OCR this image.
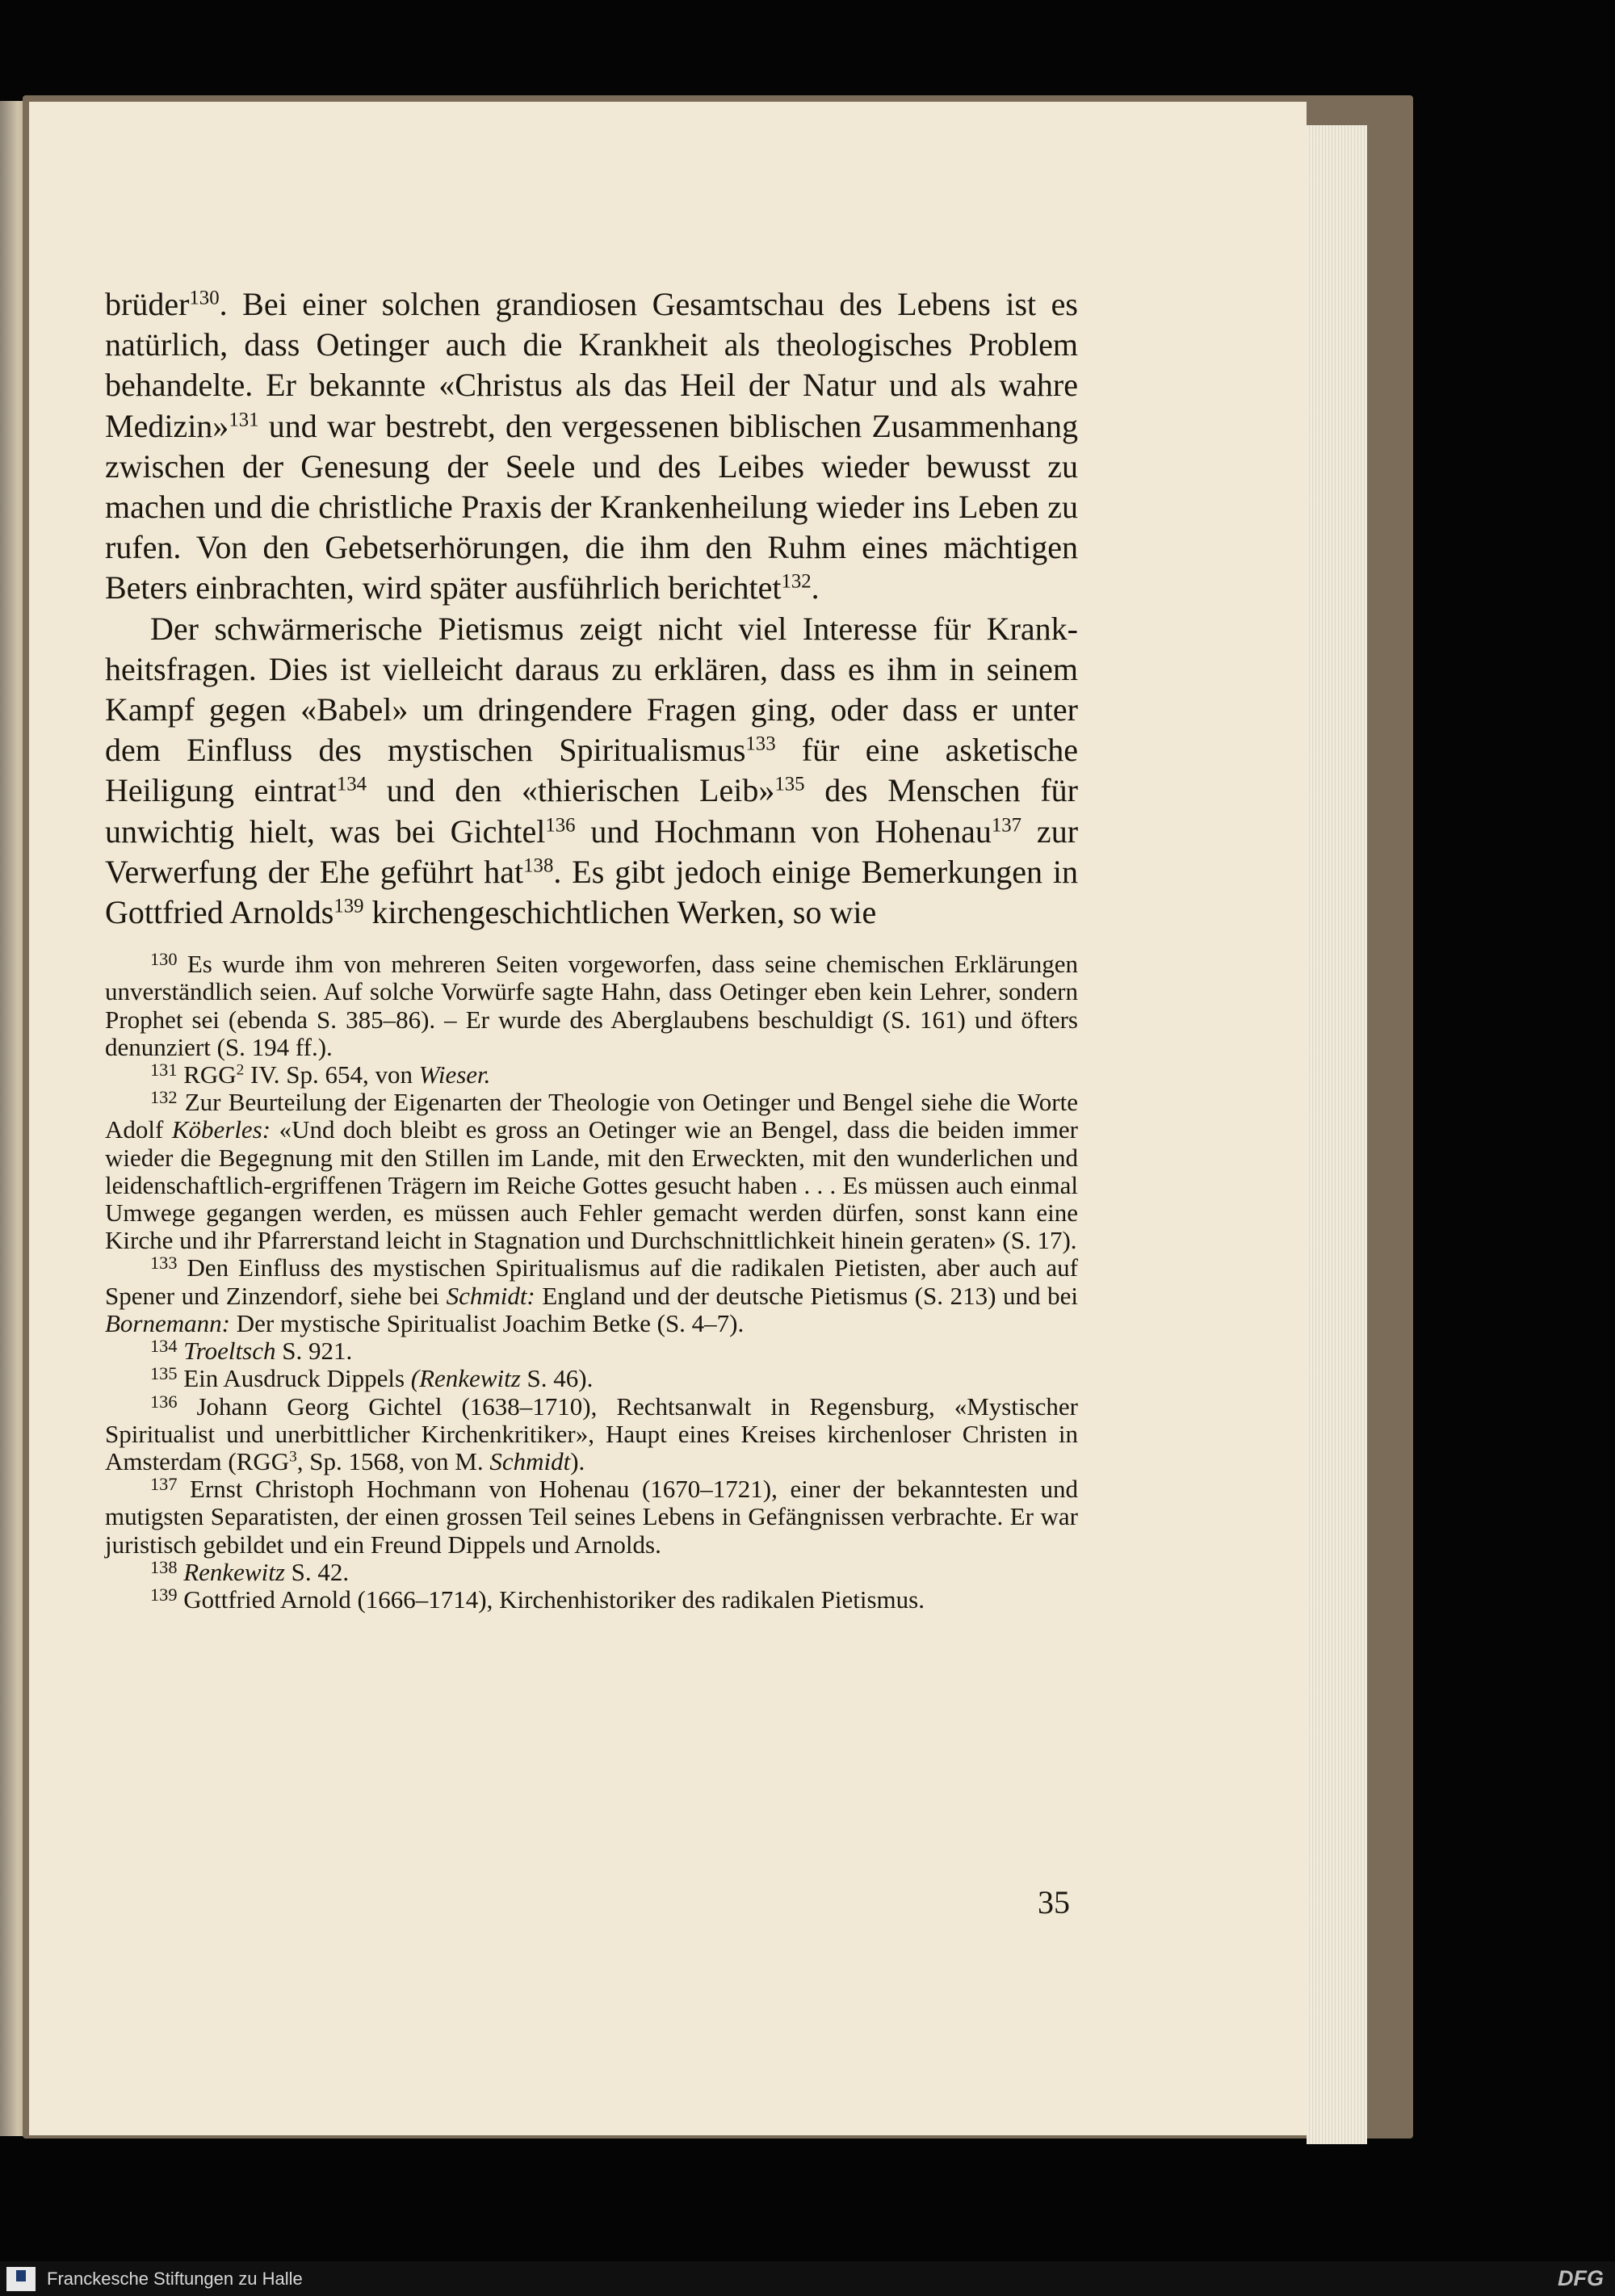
brüder$^{130}$. Bei einer solchen grandiosen Gesamtschau des Lebens ist es natürlich, dass Oetinger auch die Krankheit als theologisches Problem behandelte. Er bekannte «Christus als das Heil der Natur und als wahre Medizin»$^{131}$ und war bestrebt, den vergessenen biblischen Zusammenhang zwischen der Genesung der Seele und des Leibes wieder bewusst zu machen und die christliche Praxis der Krankenheilung wieder ins Leben zu rufen. Von den Gebetserhörungen, die ihm den Ruhm eines mächtigen Beters einbrachten, wird später ausführlich berichtet$^{132}$.

Der schwärmerische Pietismus zeigt nicht viel Interesse für Krankheitsfragen. Dies ist vielleicht daraus zu erklären, dass es ihm in seinem Kampf gegen «Babel» um dringendere Fragen ging, oder dass er unter dem Einfluss des mystischen Spiritualismus$^{133}$ für eine asketische Heiligung eintrat$^{134}$ und den «thierischen Leib»$^{135}$ des Menschen für unwichtig hielt, was bei Gichtel$^{136}$ und Hochmann von Hohenau$^{137}$ zur Verwerfung der Ehe geführt hat$^{138}$. Es gibt jedoch einige Bemerkungen in Gottfried Arnolds$^{139}$ kirchengeschichtlichen Werken, so wie

$^{130}$ Es wurde ihm von mehreren Seiten vorgeworfen, dass seine chemischen Erklärungen unverständlich seien. Auf solche Vorwürfe sagte Hahn, dass Oetinger eben kein Lehrer, sondern Prophet sei (ebenda S. 385–86). – Er wurde des Aberglaubens beschuldigt (S. 161) und öfters denunziert (S. 194 ff.).

$^{131}$ RGG$^2$ IV. Sp. 654, von Wieser.

$^{132}$ Zur Beurteilung der Eigenarten der Theologie von Oetinger und Bengel siehe die Worte Adolf Köberles: «Und doch bleibt es gross an Oetinger wie an Bengel, dass die beiden immer wieder die Begegnung mit den Stillen im Lande, mit den Erweckten, mit den wunderlichen und leidenschaftlich-ergriffenen Trägern im Reiche Gottes gesucht haben . . . Es müssen auch einmal Umwege gegangen werden, es müssen auch Fehler gemacht werden dürfen, sonst kann eine Kirche und ihr Pfarrerstand leicht in Stagnation und Durchschnittlichkeit hinein geraten» (S. 17).

$^{133}$ Den Einfluss des mystischen Spiritualismus auf die radikalen Pietisten, aber auch auf Spener und Zinzendorf, siehe bei Schmidt: England und der deutsche Pietismus (S. 213) und bei Bornemann: Der mystische Spiritualist Joachim Betke (S. 4–7).

$^{134}$ Troeltsch S. 921.

$^{135}$ Ein Ausdruck Dippels (Renkewitz S. 46).

$^{136}$ Johann Georg Gichtel (1638–1710), Rechtsanwalt in Regensburg, «Mystischer Spiritualist und unerbittlicher Kirchenkritiker», Haupt eines Kreises kirchenloser Christen in Amsterdam (RGG$^3$, Sp. 1568, von M. Schmidt).

$^{137}$ Ernst Christoph Hochmann von Hohenau (1670–1721), einer der bekanntesten und mutigsten Separatisten, der einen grossen Teil seines Lebens in Gefängnissen verbrachte. Er war juristisch gebildet und ein Freund Dippels und Arnolds.

$^{138}$ Renkewitz S. 42.

$^{139}$ Gottfried Arnold (1666–1714), Kirchenhistoriker des radikalen Pietismus.

35
Franckesche Stiftungen zu Halle	DFG
